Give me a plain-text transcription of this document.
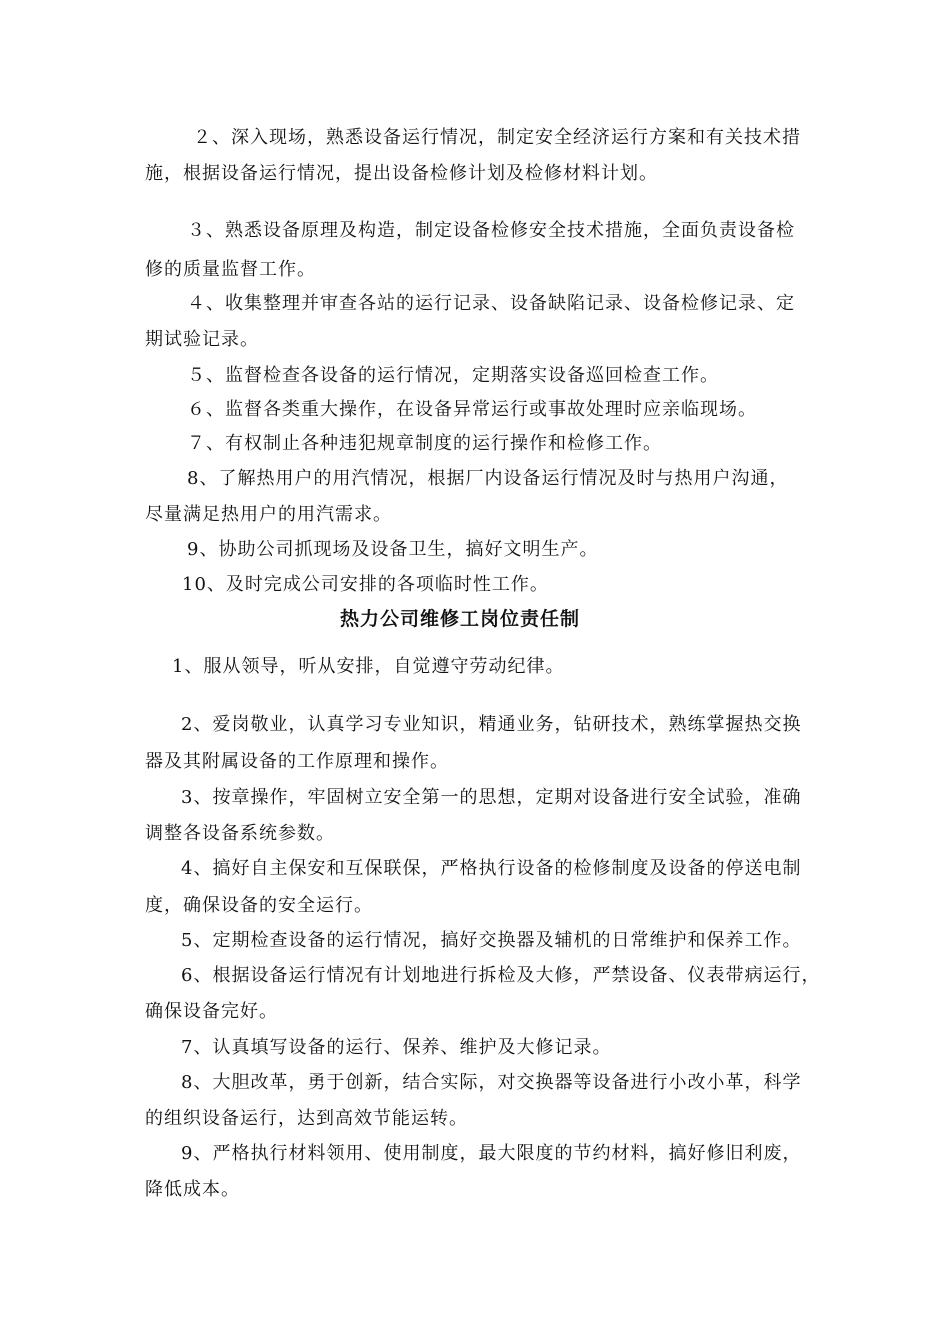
２、深入现场，熟悉设备运行情况，制定安全经济运行方案和有关技术措
施，根据设备运行情况，提出设备检修计划及检修材料计划。
３、熟悉设备原理及构造，制定设备检修安全技术措施，全面负责设备检
修的质量监督工作。
４、收集整理并审查各站的运行记录、设备缺陷记录、设备检修记录、定
期试验记录。
５、监督检查各设备的运行情况，定期落实设备巡回检查工作。
６、监督各类重大操作，在设备异常运行或事故处理时应亲临现场。
７、有权制止各种违犯规章制度的运行操作和检修工作。
8、了解热用户的用汽情况，根据厂内设备运行情况及时与热用户沟通，
尽量满足热用户的用汽需求。
9、协助公司抓现场及设备卫生，搞好文明生产。
10、及时完成公司安排的各项临时性工作。
热力公司维修工岗位责任制
1、服从领导，听从安排，自觉遵守劳动纪律。
2、爱岗敬业，认真学习专业知识，精通业务，钻研技术，熟练掌握热交换
器及其附属设备的工作原理和操作。
3、按章操作，牢固树立安全第一的思想，定期对设备进行安全试验，准确
调整各设备系统参数。
4、搞好自主保安和互保联保，严格执行设备的检修制度及设备的停送电制
度，确保设备的安全运行。
5、定期检查设备的运行情况，搞好交换器及辅机的日常维护和保养工作。
6、根据设备运行情况有计划地进行拆检及大修，严禁设备、仪表带病运行，
确保设备完好。
7、认真填写设备的运行、保养、维护及大修记录。
8、大胆改革，勇于创新，结合实际，对交换器等设备进行小改小革，科学
的组织设备运行，达到高效节能运转。
9、严格执行材料领用、使用制度，最大限度的节约材料，搞好修旧利废，
降低成本。
